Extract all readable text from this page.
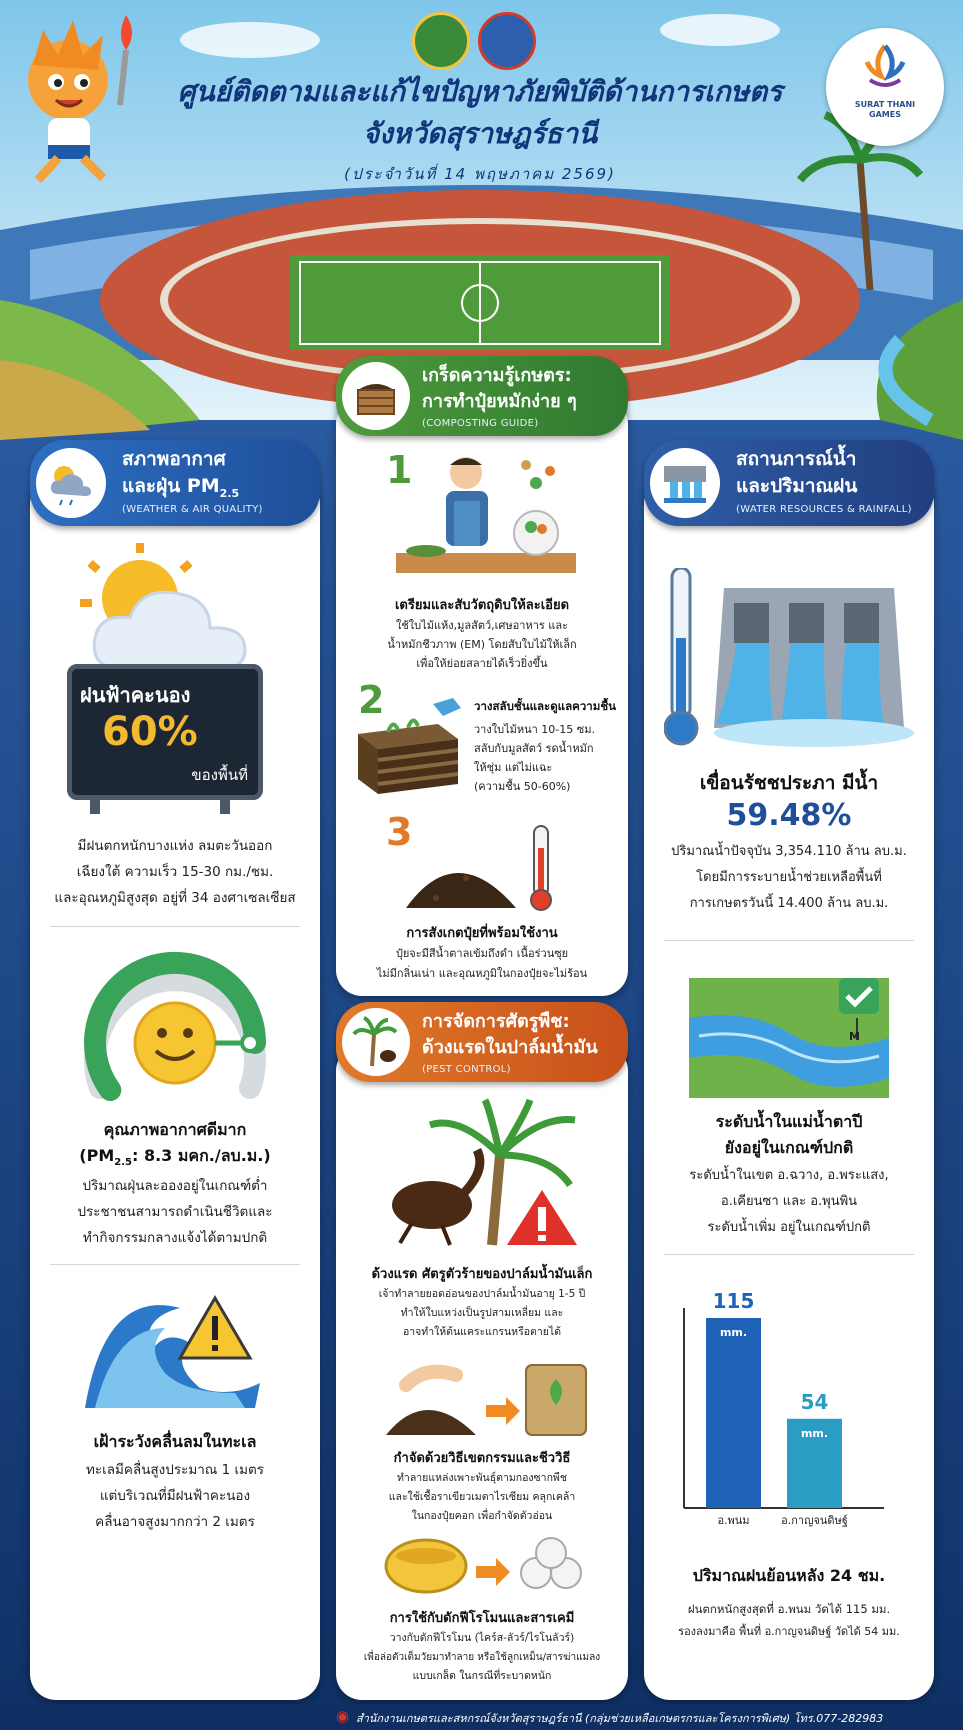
SURAT THANI GAMES
ศูนย์ติดตามและแก้ไขปัญหาภัยพิบัติด้านการเกษตร
จังหวัดสุราษฎร์ธานี
(ประจำวันที่ 14 พฤษภาคม 2569)
ฝนฟ้าคะนอง
60%
ของพื้นที่
มีฝนตกหนักบางแห่ง ลมตะวันออก
เฉียงใต้ ความเร็ว 15-30 กม./ชม.
และอุณหภูมิสูงสุด อยู่ที่ 34 องศาเซลเซียส
คุณภาพอากาศดีมาก
($PM_{2.5}$: 8.3 มคก./ลบ.ม.)
ปริมาณฝุ่นละอองอยู่ในเกณฑ์ต่ำ
ประชาชนสามารถดำเนินชีวิตและ
ทำกิจกรรมกลางแจ้งได้ตามปกติ
เฝ้าระวังคลื่นลมในทะเล
ทะเลมีคลื่นสูงประมาณ 1 เมตร
แต่บริเวณที่มีฝนฟ้าคะนอง
คลื่นอาจสูงมากกว่า 2 เมตร
สภาพอากาศ
และฝุ่น $PM_{2.5}$
(WEATHER & AIR QUALITY)
1
เตรียมและสับวัตถุดิบให้ละเอียด
ใช้ใบไม้แห้ง,มูลสัตว์,เศษอาหาร และ
น้ำหมักชีวภาพ (EM) โดยสับใบไม้ให้เล็ก
เพื่อให้ย่อยสลายได้เร็วยิ่งขึ้น
2	วางสลับชั้นและดูแลความชื้น
วางใบไม้หนา 10-15 ซม.
สลับกับมูลสัตว์ รดน้ำหมัก
ให้ชุ่ม แต่ไม่แฉะ
(ความชื้น 50-60%)
3
การสังเกตปุ๋ยที่พร้อมใช้งาน
ปุ๋ยจะมีสีน้ำตาลเข้มถึงดำ เนื้อร่วนซุย
ไม่มีกลิ่นเน่า และอุณหภูมิในกองปุ๋ยจะไม่ร้อน
เกร็ดความรู้เกษตร:
การทำปุ๋ยหมักง่าย ๆ
(COMPOSTING GUIDE)
ด้วงแรด ศัตรูตัวร้ายของปาล์มน้ำมันเล็ก
เจ้าทำลายยอดอ่อนของปาล์มน้ำมันอายุ 1-5 ปี
ทำให้ใบแหว่งเป็นรูปสามเหลี่ยม และ
อาจทำให้ต้นแคระแกรนหรือตายได้
กำจัดด้วยวิธีเขตกรรมและชีววิธี
ทำลายแหล่งเพาะพันธุ์ตามกองซากพืช
และใช้เชื้อราเขียวเมตาไรเซียม คลุกเคล้า
ในกองปุ๋ยคอก เพื่อกำจัดตัวอ่อน
การใช้กับดักฟีโรโมนและสารเคมี
วางกับดักฟีโรโมน (ไคร์ส-ลัวร์/ไรโนลัวร์)
เพื่อล่อตัวเต็มวัยมาทำลาย หรือใช้ลูกเหม็น/สารฆ่าแมลง
แบบเกล็ด ในกรณีที่ระบาดหนัก
การจัดการศัตรูพืช:
ด้วงแรดในปาล์มน้ำมัน
(PEST CONTROL)
เขื่อนรัชชประภา มีน้ำ
59.48%
ปริมาณน้ำปัจจุบัน 3,354.110 ล้าน ลบ.ม.
โดยมีการระบายน้ำช่วยเหลือพื้นที่
การเกษตรวันนี้ 14.400 ล้าน ลบ.ม.
M
ระดับน้ำในแม่น้ำตาปี
ยังอยู่ในเกณฑ์ปกติ
ระดับน้ำในเขต อ.ฉวาง, อ.พระแสง,
อ.เคียนซา และ อ.พุนพิน
ระดับน้ำเพิ่ม อยู่ในเกณฑ์ปกติ
115
mm.
อ.พนม
54
mm.
อ.กาญจนดิษฐ์
ปริมาณฝนย้อนหลัง 24 ชม.
ฝนตกหนักสูงสุดที่ อ.พนม วัดได้ 115 มม.
รองลงมาคือ พื้นที่ อ.กาญจนดิษฐ์ วัดได้ 54 มม.
สถานการณ์น้ำ
และปริมาณฝน
(WATER RESOURCES & RAINFALL)
◉ สำนักงานเกษตรและสหกรณ์จังหวัดสุราษฎร์ธานี (กลุ่มช่วยเหลือเกษตรกรและโครงการพิเศษ) โทร.077-282983
